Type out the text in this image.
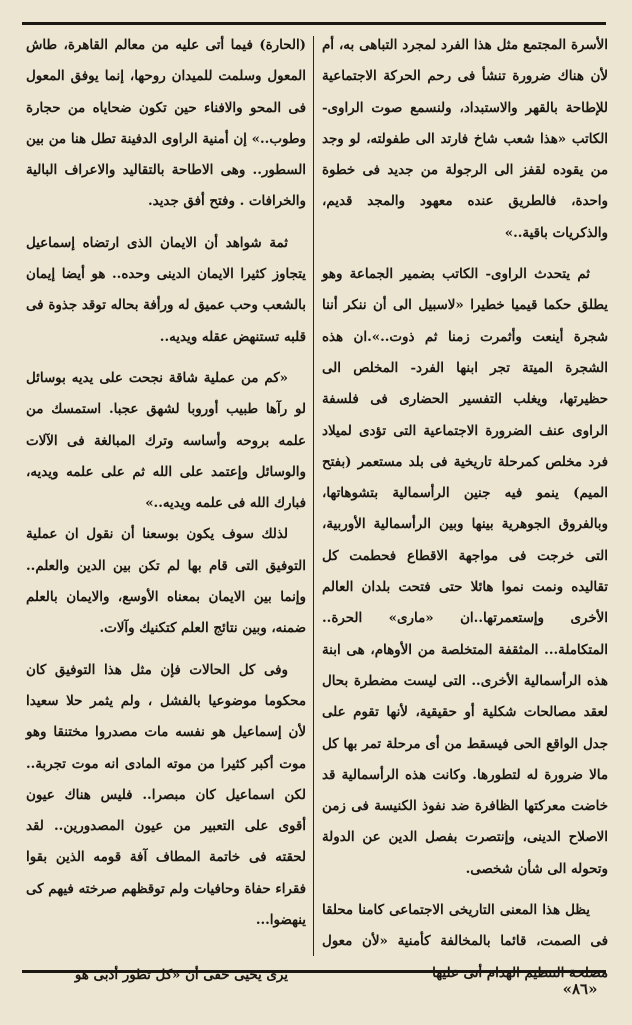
الأسرة المجتمع مثل هذا الفرد لمجرد التباهى به، أم لأن هناك ضرورة تنشأ فى رحم الحركة الاجتماعية للإطاحة بالقهر والاستبداد، ولنسمع صوت الراوى- الكاتب «هذا شعب شاخ فارتد الى طفولته، لو وجد من يقوده لقفز الى الرجولة من جديد فى خطوة واحدة، فالطريق عنده معهود والمجد قديم، والذكريات باقية..»

ثم يتحدث الراوى- الكاتب بضمير الجماعة وهو يطلق حكما قيميا خطيرا «لاسبيل الى أن ننكر أننا شجرة أينعت وأثمرت زمنا ثم ذوت..».ان هذه الشجرة الميتة تجر ابنها الفرد- المخلص الى حظيرتها، ويغلب التفسير الحضارى فى فلسفة الراوى عنف الضرورة الاجتماعية التى تؤدى لميلاد فرد مخلص كمرحلة تاريخية فى بلد مستعمر (بفتح الميم) ينمو فيه جنين الرأسمالية بتشوهاتها، وبالفروق الجوهرية بينها وبين الرأسمالية الأوربية، التى خرجت فى مواجهة الاقطاع فحطمت كل تقاليده ونمت نموا هائلا حتى فتحت بلدان العالم الأخرى وإستعمرتها..ان «مارى» الحرة.. المتكاملة... المثقفة المتخلصة من الأوهام، هى ابنة هذه الرأسمالية الأخرى.. التى ليست مضطرة بحال لعقد مصالحات شكلية أو حقيقية، لأنها تقوم على جدل الواقع الحى فيسقط من أى مرحلة تمر بها كل مالا ضرورة له لتطورها. وكانت هذه الرأسمالية قد خاضت معركتها الظافرة ضد نفوذ الكنيسة فى زمن الاصلاح الدينى، وإنتصرت بفصل الدين عن الدولة وتحوله الى شأن شخصى.

يظل هذا المعنى التاريخى الاجتماعى كامنا محلقا فى الصمت، قائما بالمخالفة كأمنية «لأن معول مصلحة التنظيم الهدام أتى عليها

(الحارة) فيما أتى عليه من معالم القاهرة، طاش المعول وسلمت للميدان روحها، إنما يوفق المعول فى المحو والافناء حين تكون ضحاياه من حجارة وطوب..» إن أمنية الراوى الدفينة تطل هنا من بين السطور.. وهى الاطاحة بالتقاليد والاعراف البالية والخرافات . وفتح أفق جديد.

ثمة شواهد أن الايمان الذى ارتضاه إسماعيل يتجاوز كثيرا الايمان الدينى وحده.. هو أيضا إيمان بالشعب وحب عميق له ورأفة بحاله توقد جذوة فى قلبه تستنهض عقله ويديه..

«كم من عملية شاقة نجحت على يديه بوسائل لو رآها طبيب أوروبا لشهق عجبا. استمسك من علمه بروحه وأساسه وترك المبالغة فى الآلات والوسائل وإعتمد على الله ثم على علمه ويديه، فبارك الله فى علمه ويديه..»

لذلك سوف يكون بوسعنا أن نقول ان عملية التوفيق التى قام بها لم تكن بين الدين والعلم.. وإنما بين الايمان بمعناه الأوسع، والايمان بالعلم ضمنه، وبين نتائج العلم كتكنيك وآلات.

وفى كل الحالات فإن مثل هذا التوفيق كان محكوما موضوعيا بالفشل ، ولم يثمر حلا سعيدا لأن إسماعيل هو نفسه مات مصدروا مختنقا وهو موت أكبر كثيرا من موته المادى انه موت تجربة.. لكن اسماعيل كان مبصرا.. فليس هناك عيون أقوى على التعبير من عيون المصدورين.. لقد لحقته فى خاتمة المطاف آفة قومه الذين بقوا فقراء حفاة وحافيات ولم توقظهم صرخته فيهم كى ينهضوا...

يرى يحيى حقى أن «كل تطور أدبى هو

«٨٦»
